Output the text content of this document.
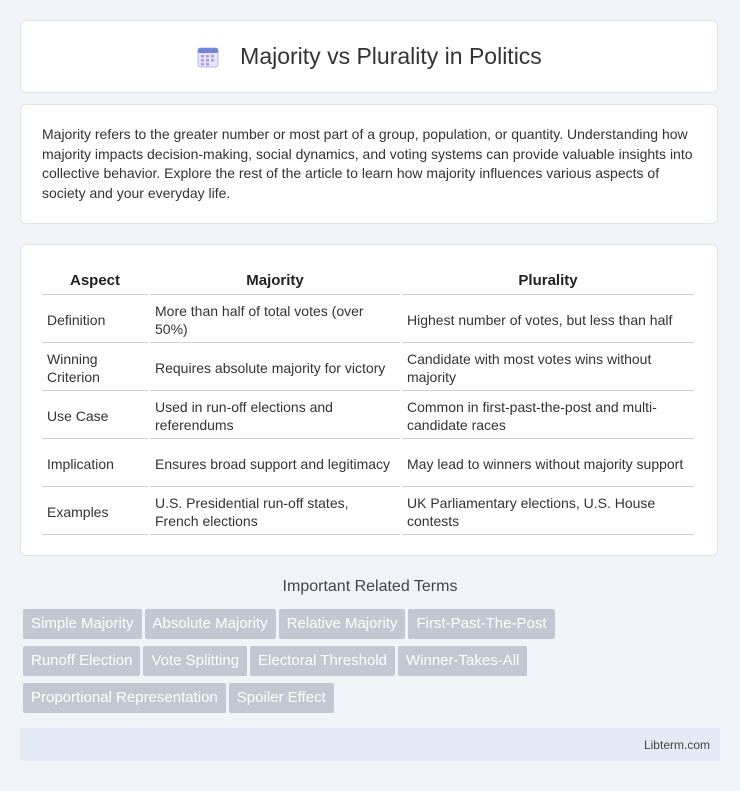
Majority vs Plurality in Politics

Majority refers to the greater number or most part of a group, population, or quantity. Understanding how majority impacts decision-making, social dynamics, and voting systems can provide valuable insights into collective behavior. Explore the rest of the article to learn how majority influences various aspects of society and your everyday life.

Aspect	Majority	Plurality
Definition	More than half of total votes (over 50%)	Highest number of votes, but less than half
Winning Criterion	Requires absolute majority for victory	Candidate with most votes wins without majority
Use Case	Used in run-off elections and referendums	Common in first-past-the-post and multi-candidate races
Implication	Ensures broad support and legitimacy	May lead to winners without majority support
Examples	U.S. Presidential run-off states, French elections	UK Parliamentary elections, U.S. House contests
Important Related Terms
Simple Majority Absolute Majority Relative Majority First-Past-The-Post
Runoff Election Vote Splitting Electoral Threshold Winner-Takes-All
Proportional Representation Spoiler Effect
Libterm.com
